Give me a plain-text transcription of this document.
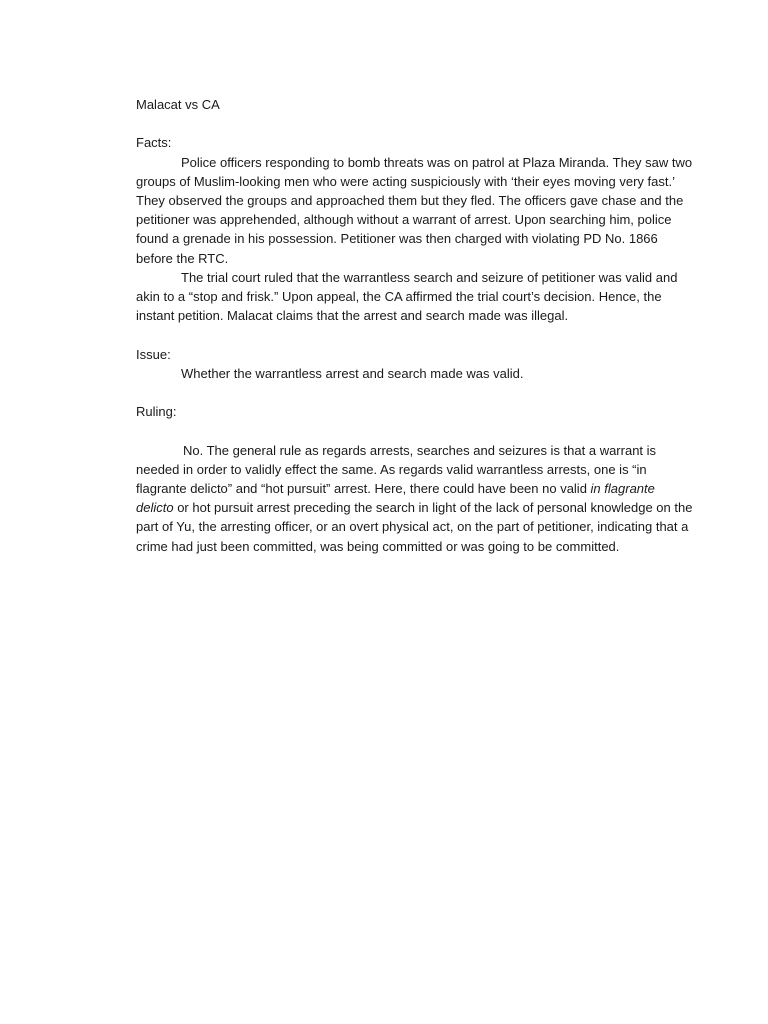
Malacat vs CA

Facts:

Police officers responding to bomb threats was on patrol at Plaza Miranda. They saw two groups of Muslim-looking men who were acting suspiciously with ‘their eyes moving very fast.’ They observed the groups and approached them but they fled. The officers gave chase and the petitioner was apprehended, although without a warrant of arrest. Upon searching him, police found a grenade in his possession. Petitioner was then charged with violating PD No. 1866 before the RTC.

The trial court ruled that the warrantless search and seizure of petitioner was valid and akin to a “stop and frisk.” Upon appeal, the CA affirmed the trial court’s decision. Hence, the instant petition. Malacat claims that the arrest and search made was illegal.

Issue:

Whether the warrantless arrest and search made was valid.

Ruling:

No. The general rule as regards arrests, searches and seizures is that a warrant is needed in order to validly effect the same. As regards valid warrantless arrests, one is “in flagrante delicto” and “hot pursuit” arrest. Here, there could have been no valid in flagrante delicto or hot pursuit arrest preceding the search in light of the lack of personal knowledge on the part of Yu, the arresting officer, or an overt physical act, on the part of petitioner, indicating that a crime had just been committed, was being committed or was going to be committed.
